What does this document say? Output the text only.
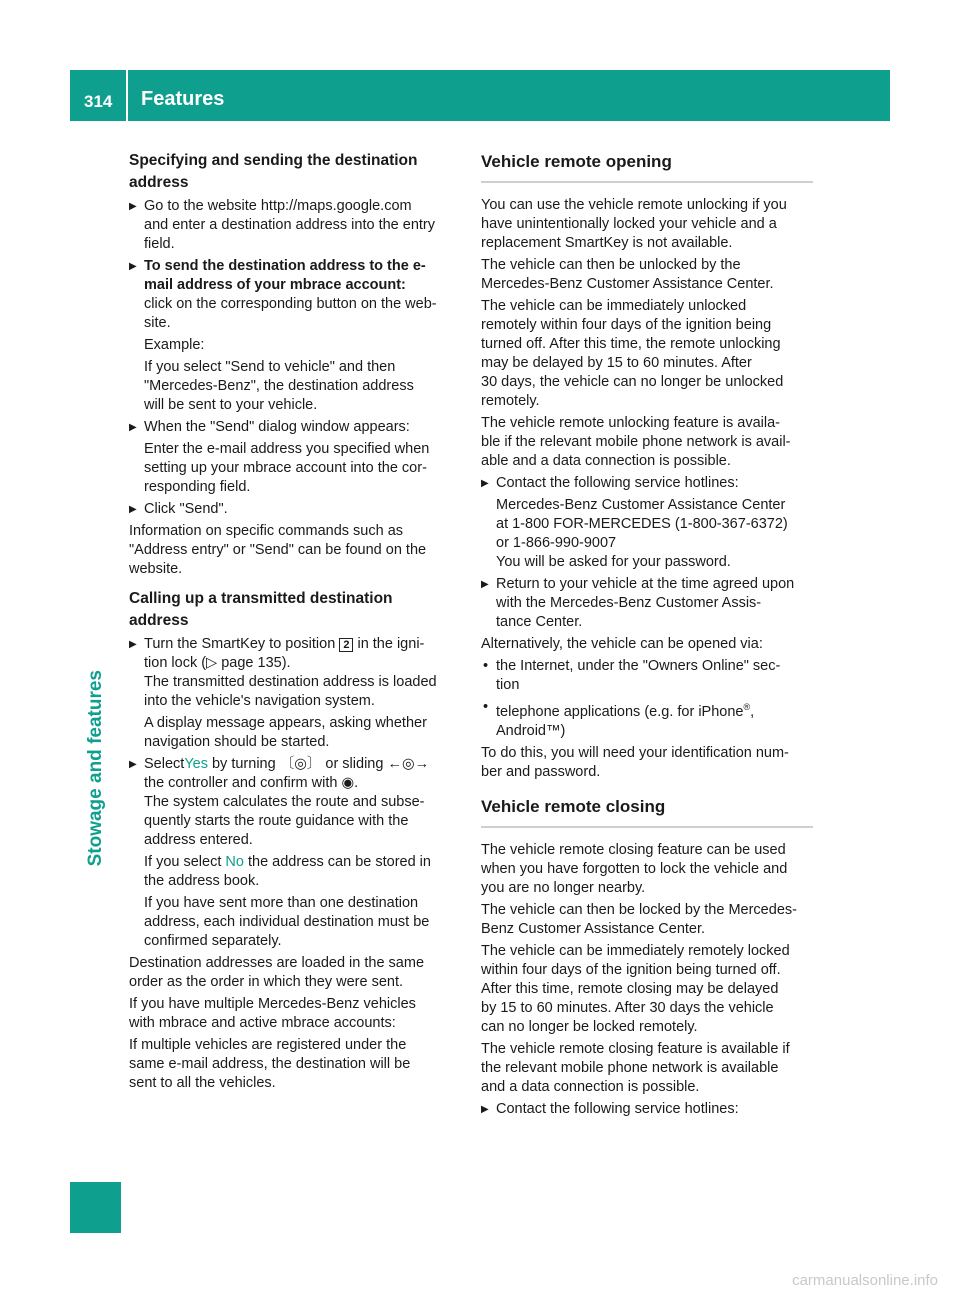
314	Features
Stowage and features
Specifying and sending the destination
address
▶ Go to the website http://maps.google.com
and enter a destination address into the entry
field.
▶ To send the destination address to the e-
mail address of your mbrace account:
click on the corresponding button on the web-
site.
Example:
If you select "Send to vehicle" and then
"Mercedes-Benz", the destination address
will be sent to your vehicle.
▶ When the "Send" dialog window appears:
Enter the e-mail address you specified when
setting up your mbrace account into the cor-
responding field.
▶ Click "Send".

Information on specific commands such as
"Address entry" or "Send" can be found on the
website.

Calling up a transmitted destination
address
▶ Turn the SmartKey to position 2 in the igni-
tion lock (▷ page 135).
The transmitted destination address is loaded
into the vehicle's navigation system.
A display message appears, asking whether
navigation should be started.
▶ SelectYes by turning 〔◎〕 or sliding ←◎→
the controller and confirm with ◉.
The system calculates the route and subse-
quently starts the route guidance with the
address entered.
If you select No the address can be stored in
the address book.
If you have sent more than one destination
address, each individual destination must be
confirmed separately.

Destination addresses are loaded in the same
order as the order in which they were sent.

If you have multiple Mercedes-Benz vehicles
with mbrace and active mbrace accounts:

If multiple vehicles are registered under the
same e-mail address, the destination will be
sent to all the vehicles.

Vehicle remote opening

You can use the vehicle remote unlocking if you
have unintentionally locked your vehicle and a
replacement SmartKey is not available.

The vehicle can then be unlocked by the
Mercedes-Benz Customer Assistance Center.

The vehicle can be immediately unlocked
remotely within four days of the ignition being
turned off. After this time, the remote unlocking
may be delayed by 15 to 60 minutes. After
30 days, the vehicle can no longer be unlocked
remotely.

The vehicle remote unlocking feature is availa-
ble if the relevant mobile phone network is avail-
able and a data connection is possible.

▶ Contact the following service hotlines:
Mercedes-Benz Customer Assistance Center
at 1-800 FOR-MERCEDES (1-800-367-6372)
or 1-866-990-9007
You will be asked for your password.
▶ Return to your vehicle at the time agreed upon
with the Mercedes-Benz Customer Assis-
tance Center.

Alternatively, the vehicle can be opened via:

• the Internet, under the "Owners Online" sec-
tion
• telephone applications (e.g. for iPhone®,
Android™)

To do this, you will need your identification num-
ber and password.

Vehicle remote closing

The vehicle remote closing feature can be used
when you have forgotten to lock the vehicle and
you are no longer nearby.

The vehicle can then be locked by the Mercedes-
Benz Customer Assistance Center.

The vehicle can be immediately remotely locked
within four days of the ignition being turned off.
After this time, remote closing may be delayed
by 15 to 60 minutes. After 30 days the vehicle
can no longer be locked remotely.

The vehicle remote closing feature is available if
the relevant mobile phone network is available
and a data connection is possible.

▶ Contact the following service hotlines:
carmanualsonline.info
